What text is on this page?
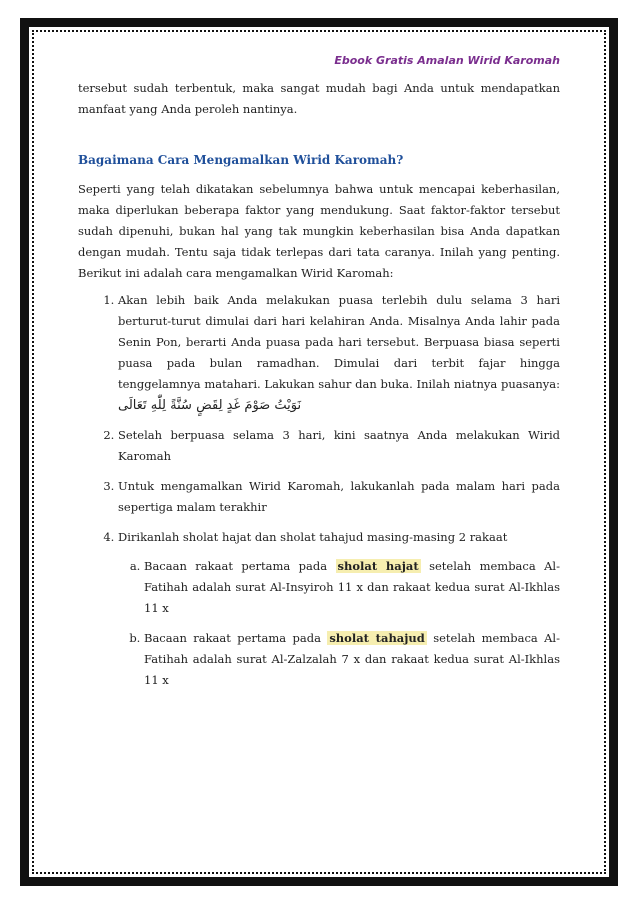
Ebook Gratis Amalan Wirid Karomah

tersebut sudah terbentuk, maka sangat mudah bagi Anda untuk mendapatkan manfaat yang Anda peroleh nantinya.

Bagaimana Cara Mengamalkan Wirid Karomah?

Seperti yang telah dikatakan sebelumnya bahwa untuk mencapai keberhasilan, maka diperlukan beberapa faktor yang mendukung. Saat faktor-faktor tersebut sudah dipenuhi, bukan hal yang tak mungkin keberhasilan bisa Anda dapatkan dengan mudah. Tentu saja tidak terlepas dari tata caranya. Inilah yang penting. Berikut ini adalah cara mengamalkan Wirid Karomah:

1. Akan lebih baik Anda melakukan puasa terlebih dulu selama 3 hari berturut-turut dimulai dari hari kelahiran Anda. Misalnya Anda lahir pada Senin Pon, berarti Anda puasa pada hari tersebut. Berpuasa biasa seperti puasa pada bulan ramadhan. Dimulai dari terbit fajar hingga tenggelamnya matahari. Lakukan sahur dan buka. Inilah niatnya puasanya: نَوَيْتُ صَوْمَ غَدٍ لِقَضٍ سُنَّةً لِلّٰهِ تَعَالَى
2. Setelah berpuasa selama 3 hari, kini saatnya Anda melakukan Wirid Karomah
3. Untuk mengamalkan Wirid Karomah, lakukanlah pada malam hari pada sepertiga malam terakhir
4. Dirikanlah sholat hajat dan sholat tahajud masing-masing 2 rakaat
a. Bacaan rakaat pertama pada sholat hajat setelah membaca Al-Fatihah adalah surat Al-Insyiroh 11 x dan rakaat kedua surat Al-Ikhlas 11 x
b. Bacaan rakaat pertama pada sholat tahajud setelah membaca Al-Fatihah adalah surat Al-Zalzalah 7 x dan rakaat kedua surat Al-Ikhlas 11 x
